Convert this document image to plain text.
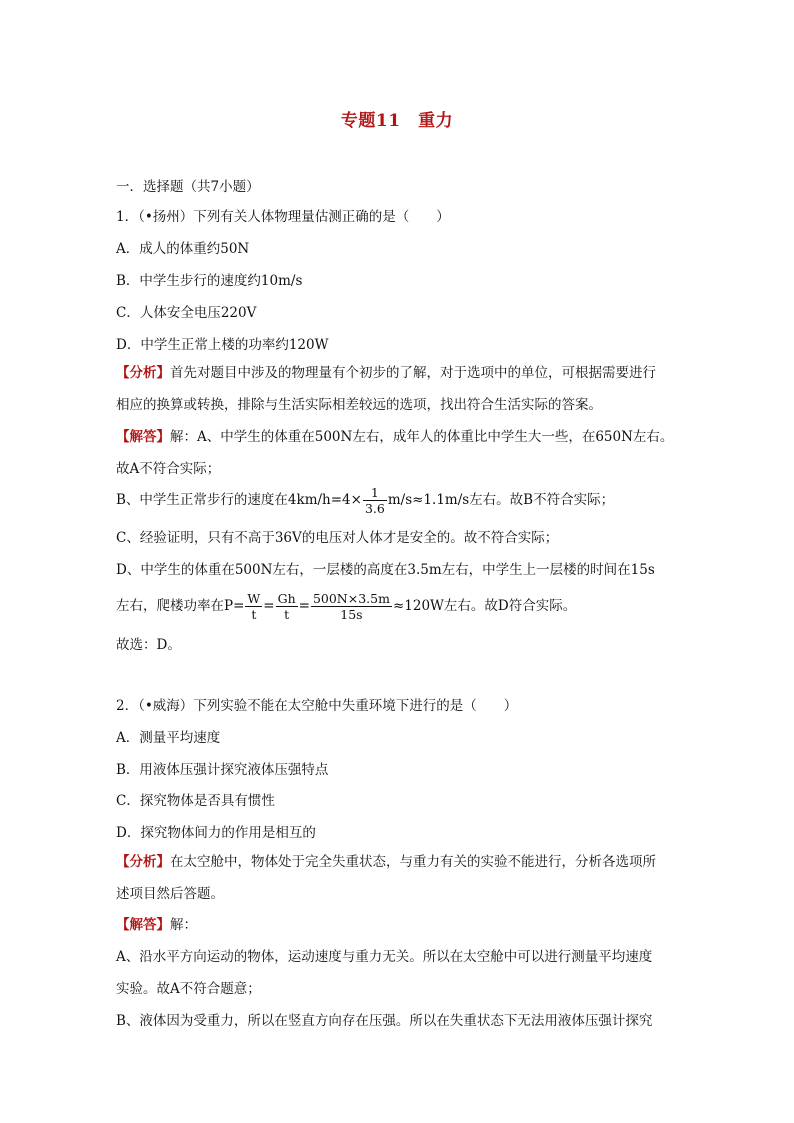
专题11　重力
一．选择题（共7小题）
1．（•扬州）下列有关人体物理量估测正确的是（　　）
A．成人的体重约50N
B．中学生步行的速度约10m/s
C．人体安全电压220V
D．中学生正常上楼的功率约120W
【分析】首先对题目中涉及的物理量有个初步的了解，对于选项中的单位，可根据需要进行
相应的换算或转换，排除与生活实际相差较远的选项，找出符合生活实际的答案。
【解答】解：A、中学生的体重在500N左右，成年人的体重比中学生大一些，在650N左右。
故A不符合实际；
B、中学生正常步行的速度在$4km/h=4\times \frac{1}{3.6} m/s\approx 1.1m/s$左右。故B不符合实际；
C、经验证明，只有不高于36V的电压对人体才是安全的。故不符合实际；
D、中学生的体重在500N左右，一层楼的高度在3.5m左右，中学生上一层楼的时间在15s
左右，爬楼功率在$P= \frac{W}{t} = \frac{Gh}{t} = \frac{500N\times 3.5m}{15s} \approx 120W$左右。故D符合实际。
故选：D。
2．（•威海）下列实验不能在太空舱中失重环境下进行的是（　　）
A．测量平均速度
B．用液体压强计探究液体压强特点
C．探究物体是否具有惯性
D．探究物体间力的作用是相互的
【分析】在太空舱中，物体处于完全失重状态，与重力有关的实验不能进行，分析各选项所
述项目然后答题。
【解答】解：
A、沿水平方向运动的物体，运动速度与重力无关。所以在太空舱中可以进行测量平均速度
实验。故A不符合题意；
B、液体因为受重力，所以在竖直方向存在压强。所以在失重状态下无法用液体压强计探究
